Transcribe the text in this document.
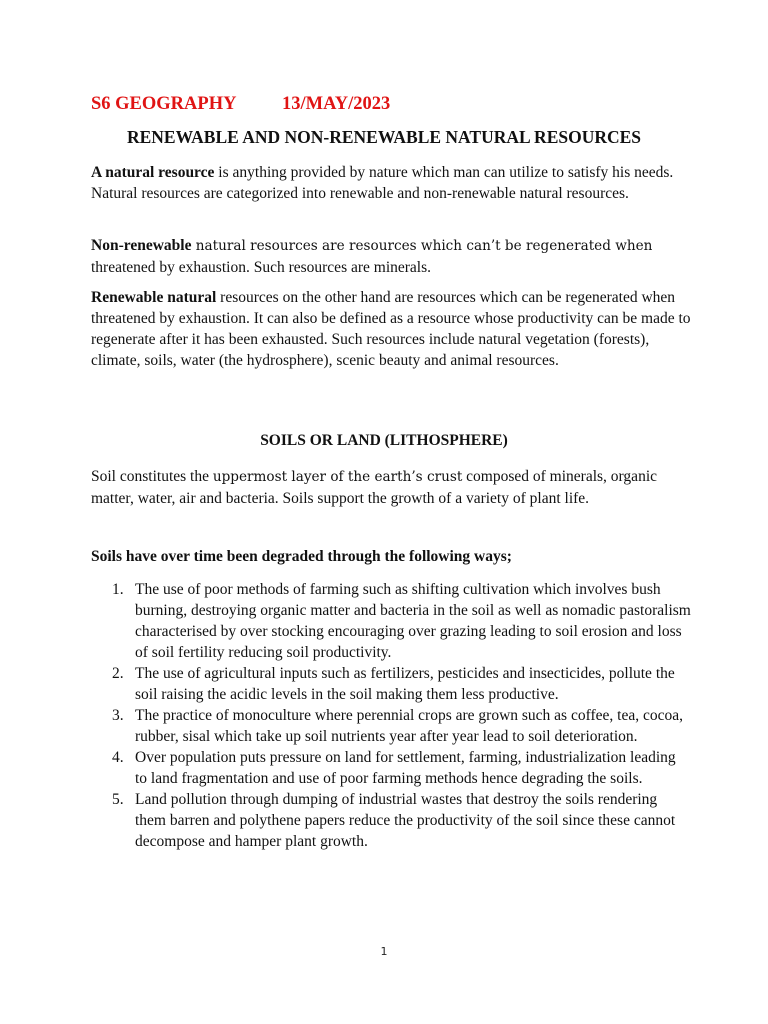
S6 GEOGRAPHY 13/MAY/2023
RENEWABLE AND NON-RENEWABLE NATURAL RESOURCES

A natural resource is anything provided by nature which man can utilize to satisfy his needs. Natural resources are categorized into renewable and non-renewable natural resources.

Non-renewable natural resources are resources which can’t be regenerated when threatened by exhaustion. Such resources are minerals.

Renewable natural resources on the other hand are resources which can be regenerated when threatened by exhaustion. It can also be defined as a resource whose productivity can be made to regenerate after it has been exhausted. Such resources include natural vegetation (forests), climate, soils, water (the hydrosphere), scenic beauty and animal resources.

SOILS OR LAND (LITHOSPHERE)

Soil constitutes the uppermost layer of the earth’s crust composed of minerals, organic matter, water, air and bacteria. Soils support the growth of a variety of plant life.

Soils have over time been degraded through the following ways;
1. The use of poor methods of farming such as shifting cultivation which involves bush burning, destroying organic matter and bacteria in the soil as well as nomadic pastoralism characterised by over stocking encouraging over grazing leading to soil erosion and loss of soil fertility reducing soil productivity.
2. The use of agricultural inputs such as fertilizers, pesticides and insecticides, pollute the soil raising the acidic levels in the soil making them less productive.
3. The practice of monoculture where perennial crops are grown such as coffee, tea, cocoa, rubber, sisal which take up soil nutrients year after year lead to soil deterioration.
4. Over population puts pressure on land for settlement, farming, industrialization leading to land fragmentation and use of poor farming methods hence degrading the soils.
5. Land pollution through dumping of industrial wastes that destroy the soils rendering them barren and polythene papers reduce the productivity of the soil since these cannot decompose and hamper plant growth.
1
